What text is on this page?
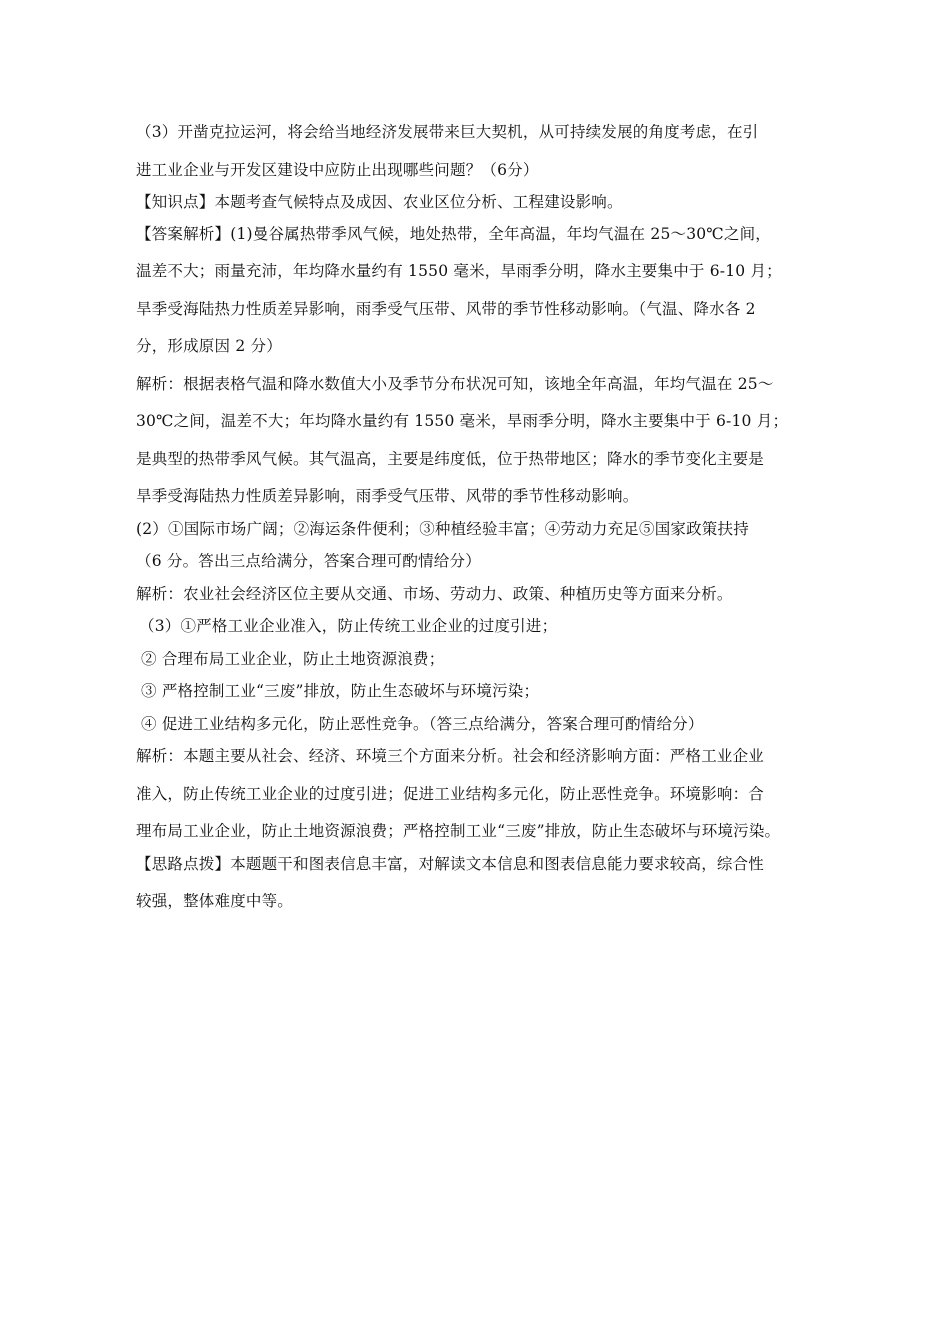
（3）开凿克拉运河，将会给当地经济发展带来巨大契机，从可持续发展的角度考虑，在引
进工业企业与开发区建设中应防止出现哪些问题？（6分）
【知识点】本题考查气候特点及成因、农业区位分析、工程建设影响。
【答案解析】(1)曼谷属热带季风气候，地处热带，全年高温，年均气温在 25～30℃之间，
温差不大；雨量充沛，年均降水量约有 1550 毫米，旱雨季分明，降水主要集中于 6-10 月；
旱季受海陆热力性质差异影响，雨季受气压带、风带的季节性移动影响。（气温、降水各 2
分，形成原因 2 分）
解析：根据表格气温和降水数值大小及季节分布状况可知，该地全年高温，年均气温在 25～
30℃之间，温差不大；年均降水量约有 1550 毫米，旱雨季分明，降水主要集中于 6-10 月；
是典型的热带季风气候。其气温高，主要是纬度低，位于热带地区；降水的季节变化主要是
旱季受海陆热力性质差异影响，雨季受气压带、风带的季节性移动影响。
(2）①国际市场广阔；②海运条件便利；③种植经验丰富；④劳动力充足⑤国家政策扶持
（6 分。答出三点给满分，答案合理可酌情给分）
解析：农业社会经济区位主要从交通、市场、劳动力、政策、种植历史等方面来分析。
（3）①严格工业企业准入，防止传统工业企业的过度引进；
② 合理布局工业企业，防止土地资源浪费；
③ 严格控制工业“三废”排放，防止生态破坏与环境污染；
④ 促进工业结构多元化，防止恶性竞争。（答三点给满分，答案合理可酌情给分）
解析：本题主要从社会、经济、环境三个方面来分析。社会和经济影响方面：严格工业企业
准入，防止传统工业企业的过度引进；促进工业结构多元化，防止恶性竞争。环境影响：合
理布局工业企业，防止土地资源浪费；严格控制工业“三废”排放，防止生态破坏与环境污染。
【思路点拨】本题题干和图表信息丰富，对解读文本信息和图表信息能力要求较高，综合性
较强，整体难度中等。
